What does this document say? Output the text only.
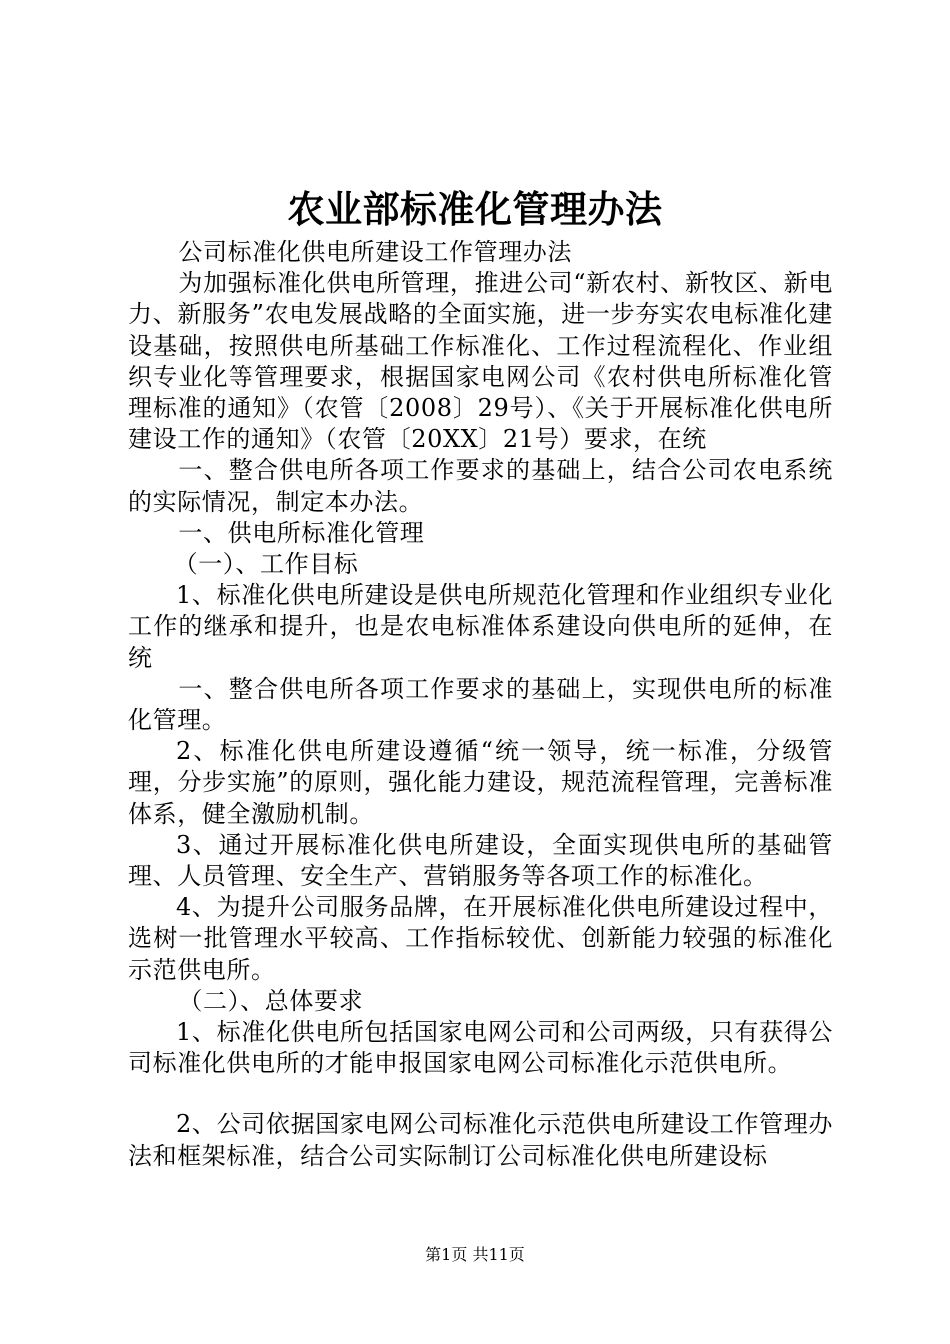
农业部标准化管理办法

公司标准化供电所建设工作管理办法

为加强标准化供电所管理，推进公司“新农村、新牧区、新电力、新服务”农电发展战略的全面实施，进一步夯实农电标准化建设基础，按照供电所基础工作标准化、工作过程流程化、作业组织专业化等管理要求，根据国家电网公司《农村供电所标准化管理标准的通知》（农管〔2008〕29号）、《关于开展标准化供电所建设工作的通知》（农管〔20XX〕21号）要求，在统

一、整合供电所各项工作要求的基础上，结合公司农电系统的实际情况，制定本办法。

一、供电所标准化管理

（一）、工作目标

1、标准化供电所建设是供电所规范化管理和作业组织专业化工作的继承和提升，也是农电标准体系建设向供电所的延伸，在统

一、整合供电所各项工作要求的基础上，实现供电所的标准化管理。

2、标准化供电所建设遵循“统一领导，统一标准，分级管理，分步实施”的原则，强化能力建设，规范流程管理，完善标准体系，健全激励机制。

3、通过开展标准化供电所建设，全面实现供电所的基础管理、人员管理、安全生产、营销服务等各项工作的标准化。

4、为提升公司服务品牌，在开展标准化供电所建设过程中，选树一批管理水平较高、工作指标较优、创新能力较强的标准化示范供电所。

（二）、总体要求

1、标准化供电所包括国家电网公司和公司两级，只有获得公司标准化供电所的才能申报国家电网公司标准化示范供电所。

2、公司依据国家电网公司标准化示范供电所建设工作管理办法和框架标准，结合公司实际制订公司标准化供电所建设标

第1页 共11页
